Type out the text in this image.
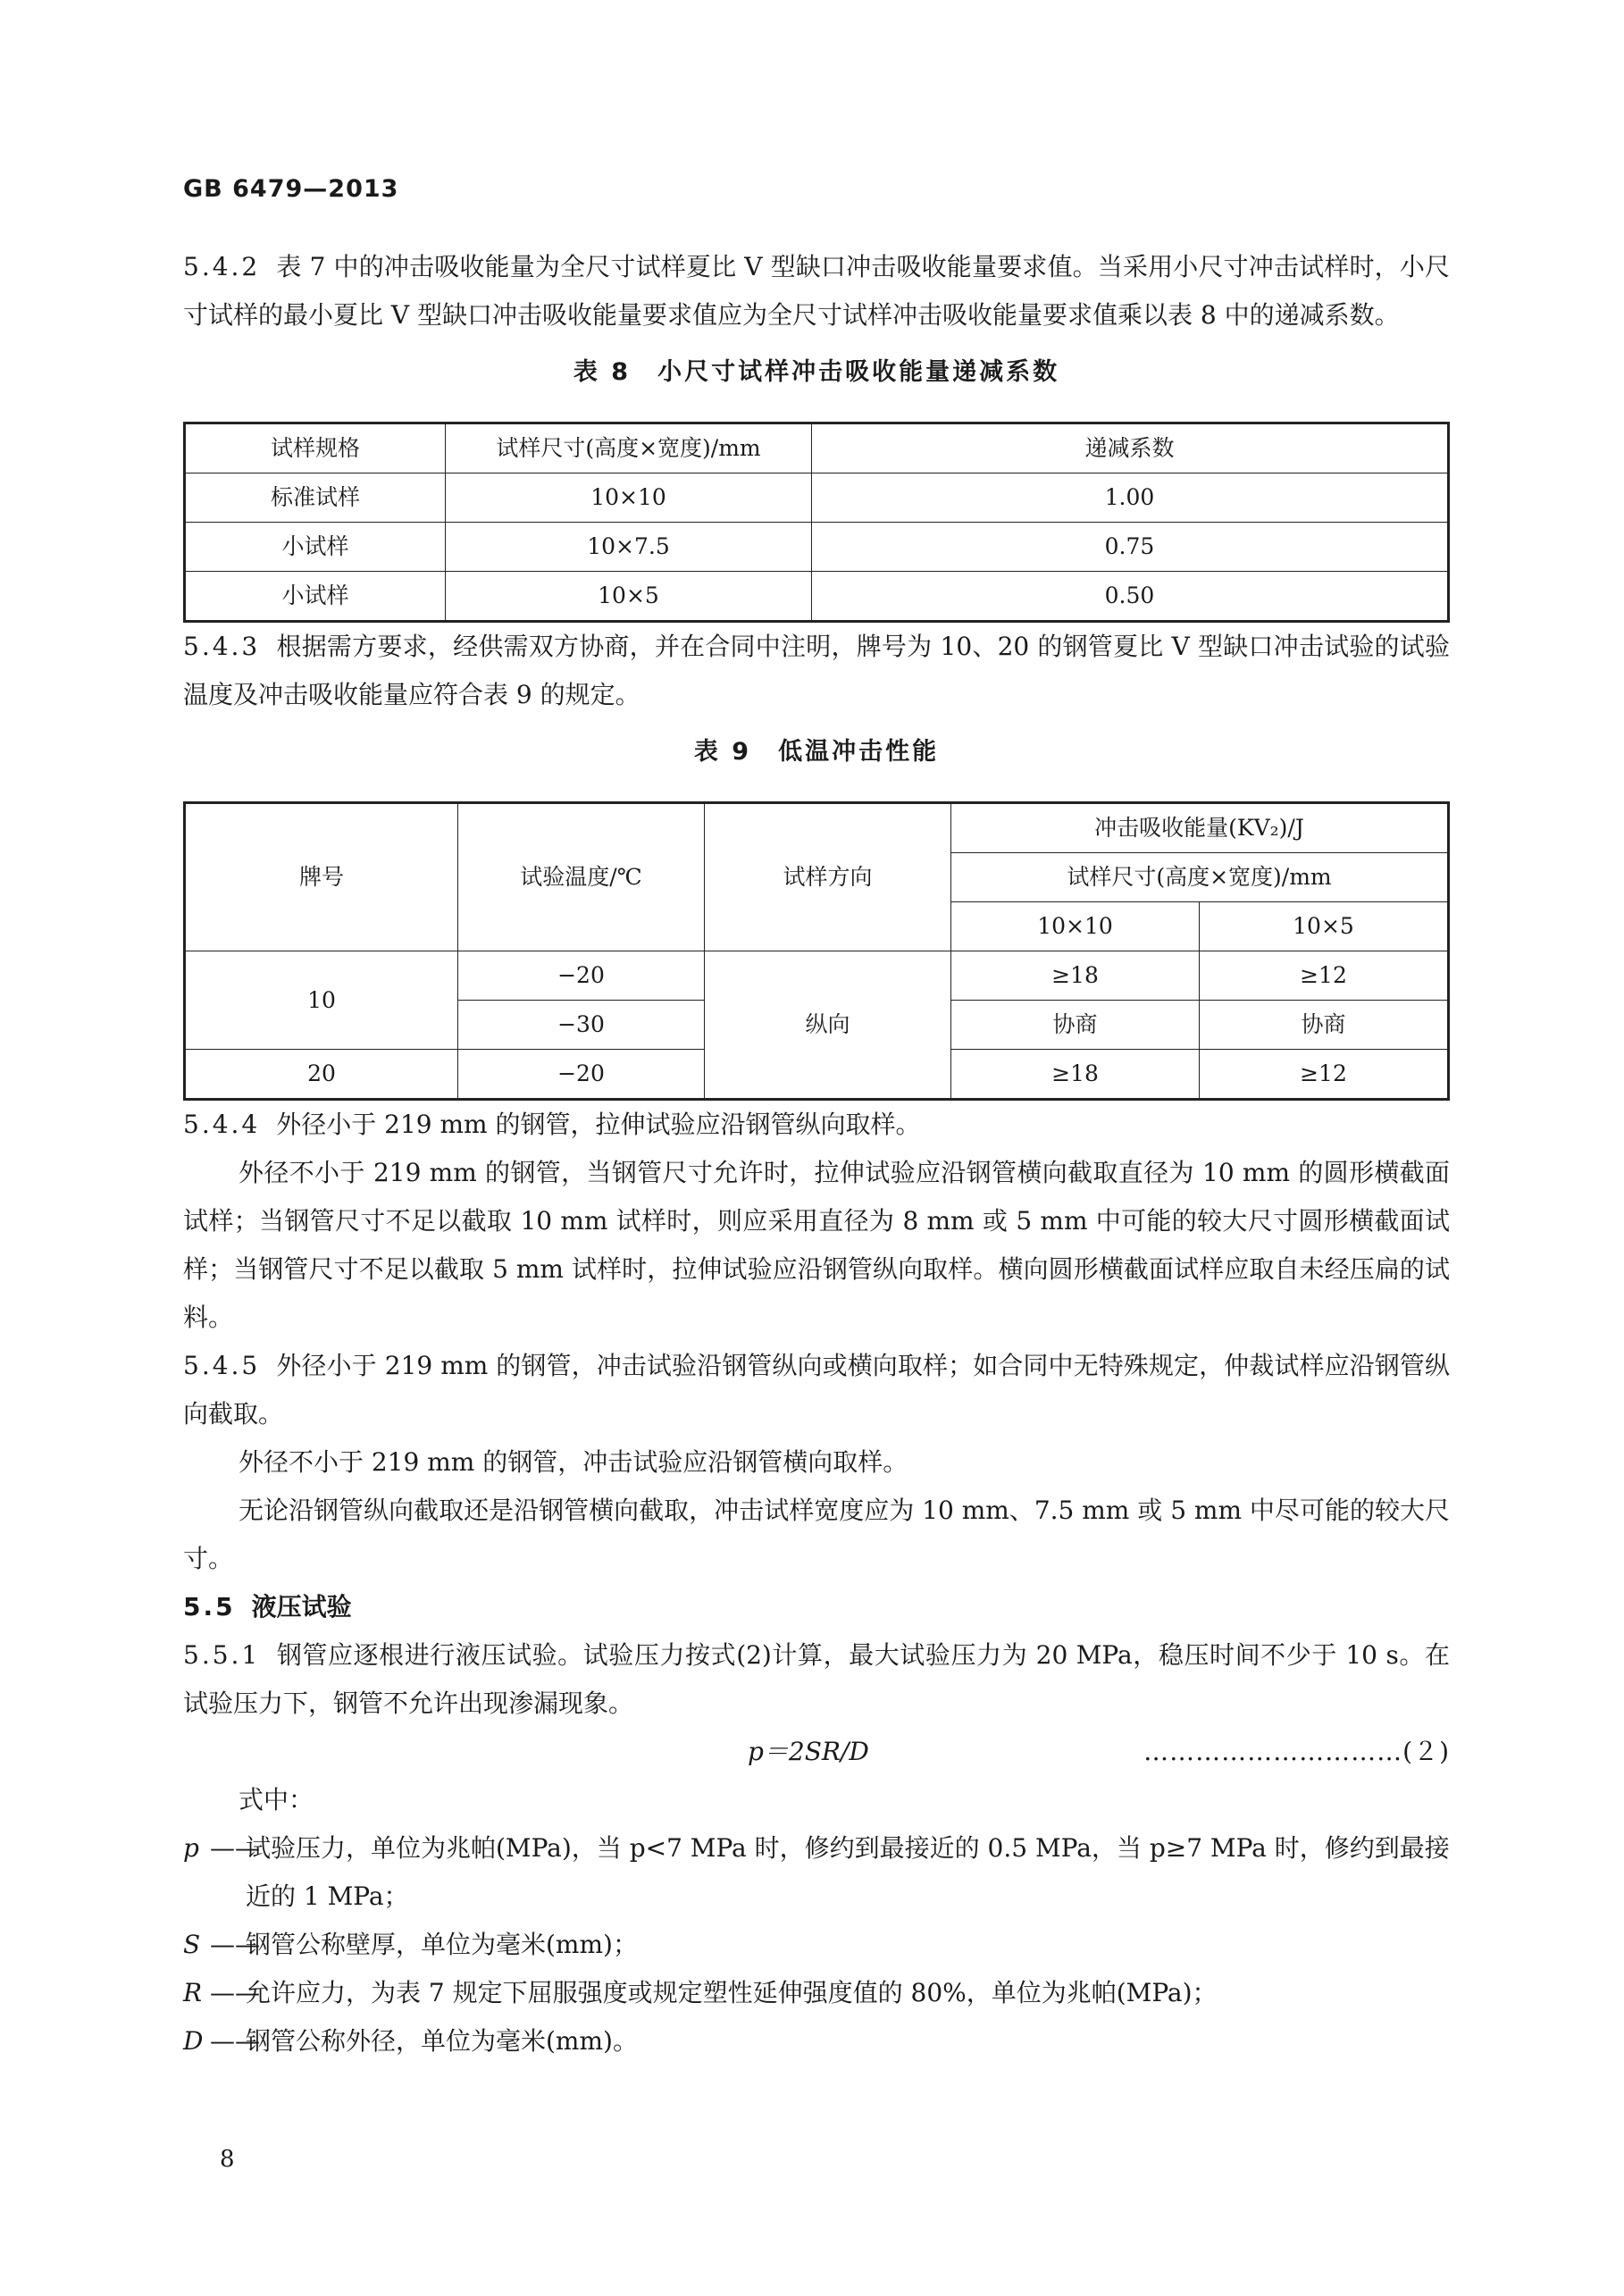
GB 6479—2013

5.4.2 表 7 中的冲击吸收能量为全尺寸试样夏比 V 型缺口冲击吸收能量要求值。当采用小尺寸冲击试样时，小尺寸试样的最小夏比 V 型缺口冲击吸收能量要求值应为全尺寸试样冲击吸收能量要求值乘以表 8 中的递减系数。

表 8　小尺寸试样冲击吸收能量递减系数
试样规格	试样尺寸(高度×宽度)/mm	递减系数
标准试样	10×10	1.00
小试样	10×7.5	0.75
小试样	10×5	0.50

5.4.3 根据需方要求，经供需双方协商，并在合同中注明，牌号为 10、20 的钢管夏比 V 型缺口冲击试验的试验温度及冲击吸收能量应符合表 9 的规定。

表 9　低温冲击性能
牌号	试验温度/℃	试样方向	冲击吸收能量(KV₂)/J	
			试样尺寸(高度×宽度)/mm	
			10×10	10×5
10	−20	纵向	≥18	≥12
	−30		协商	协商
20	−20		≥18	≥12

5.4.4 外径小于 219 mm 的钢管，拉伸试验应沿钢管纵向取样。

外径不小于 219 mm 的钢管，当钢管尺寸允许时，拉伸试验应沿钢管横向截取直径为 10 mm 的圆形横截面试样；当钢管尺寸不足以截取 10 mm 试样时，则应采用直径为 8 mm 或 5 mm 中可能的较大尺寸圆形横截面试样；当钢管尺寸不足以截取 5 mm 试样时，拉伸试验应沿钢管纵向取样。横向圆形横截面试样应取自未经压扁的试料。

5.4.5 外径小于 219 mm 的钢管，冲击试验沿钢管纵向或横向取样；如合同中无特殊规定，仲裁试样应沿钢管纵向截取。

外径不小于 219 mm 的钢管，冲击试验应沿钢管横向取样。

无论沿钢管纵向截取还是沿钢管横向截取，冲击试样宽度应为 10 mm、7.5 mm 或 5 mm 中尽可能的较大尺寸。

5.5 液压试验

5.5.1 钢管应逐根进行液压试验。试验压力按式(2)计算，最大试验压力为 20 MPa，稳压时间不少于 10 s。在试验压力下，钢管不允许出现渗漏现象。

p＝2SR/D	…………………………(２)

式中：

p ——
试验压力，单位为兆帕(MPa)，当 p<7 MPa 时，修约到最接近的 0.5 MPa，当 p≥7 MPa 时，修约到最接近的 1 MPa；
S ——
钢管公称壁厚，单位为毫米(mm)；
R ——
允许应力，为表 7 规定下屈服强度或规定塑性延伸强度值的 80%，单位为兆帕(MPa)；
D ——
钢管公称外径，单位为毫米(mm)。
8
